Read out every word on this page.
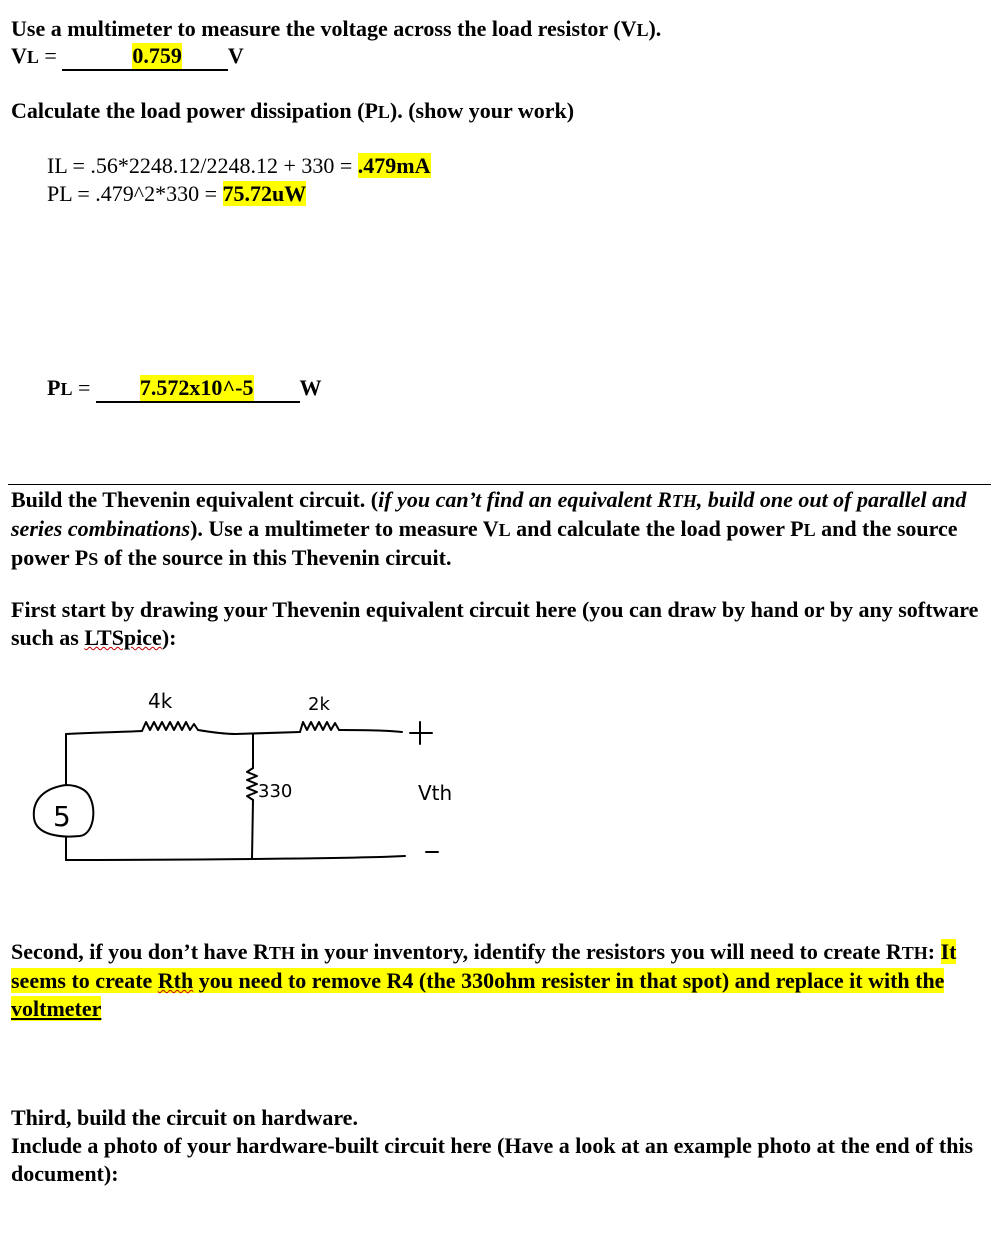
Use a multimeter to measure the voltage across the load resistor (VL).
VL =	0.759 V
Calculate the load power dissipation (PL). (show your work)
IL = .56*2248.12/2248.12 + 330 = .479mA
PL = .479^2*330 = 75.72uW
PL = 7.572x10^-5 W
Build the Thevenin equivalent circuit. (if you can’t find an equivalent RTH, build one out of parallel and series combinations). Use a multimeter to measure VL and calculate the load power PL and the source power PS of the source in this Thevenin circuit.
First start by drawing your Thevenin equivalent circuit here (you can draw by hand or by any software such as LTSpice):
4k	2k
330
5
Vth
Second, if you don’t have RTH in your inventory, identify the resistors you will need to create RTH: It seems to create Rth you need to remove R4 (the 330ohm resister in that spot) and replace it with the voltmeter
Third, build the circuit on hardware.
Include a photo of your hardware-built circuit here (Have a look at an example photo at the end of this document):
